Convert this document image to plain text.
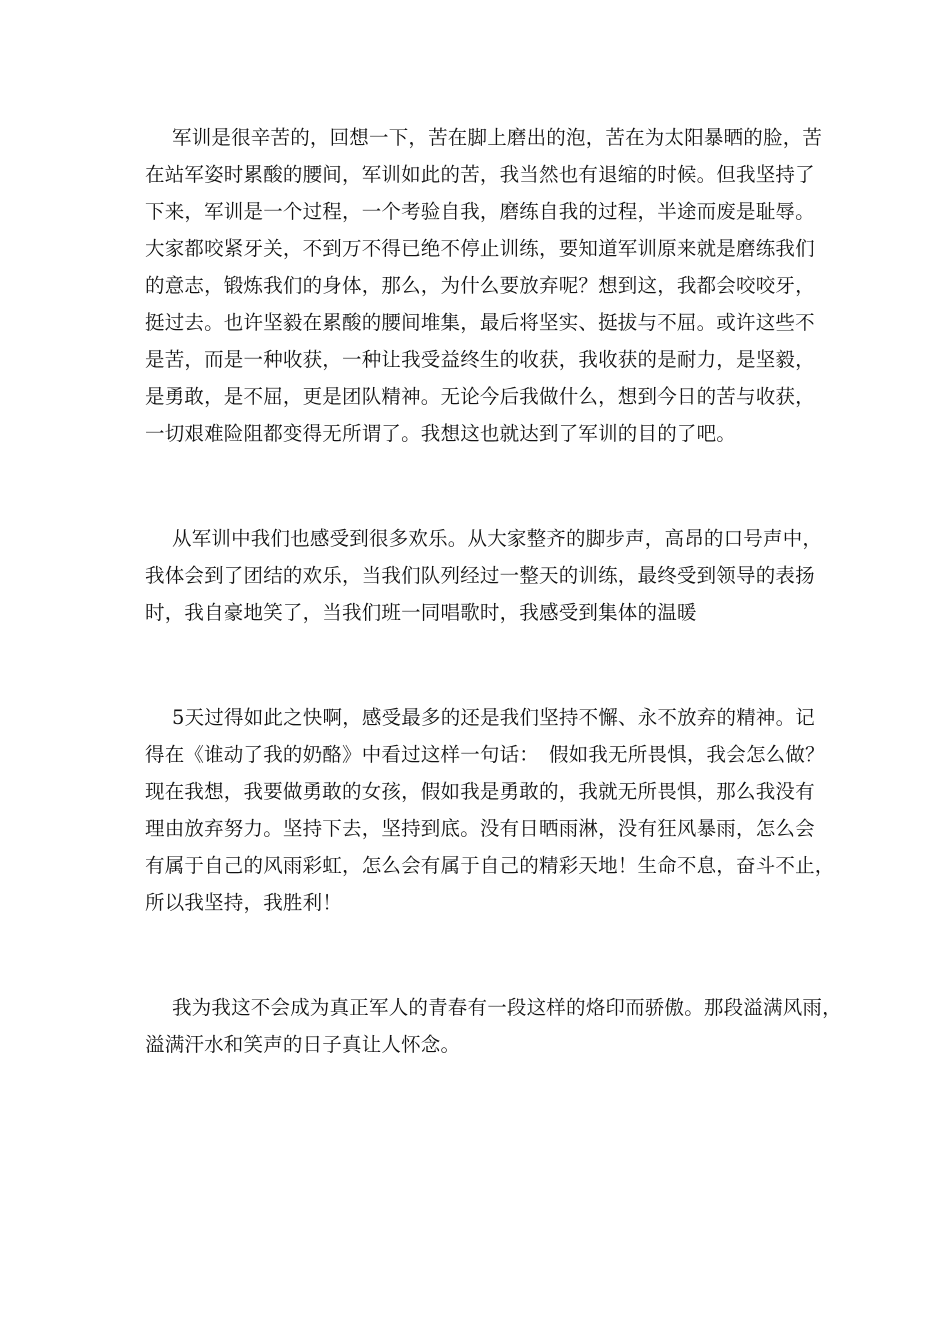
军训是很辛苦的，回想一下，苦在脚上磨出的泡，苦在为太阳暴晒的脸，苦
在站军姿时累酸的腰间，军训如此的苦，我当然也有退缩的时候。但我坚持了
下来，军训是一个过程，一个考验自我，磨练自我的过程，半途而废是耻辱。
大家都咬紧牙关，不到万不得已绝不停止训练，要知道军训原来就是磨练我们
的意志，锻炼我们的身体，那么，为什么要放弃呢？想到这，我都会咬咬牙，
挺过去。也许坚毅在累酸的腰间堆集，最后将坚实、挺拔与不屈。或许这些不
是苦，而是一种收获，一种让我受益终生的收获，我收获的是耐力，是坚毅，
是勇敢，是不屈，更是团队精神。无论今后我做什么，想到今日的苦与收获，
一切艰难险阻都变得无所谓了。我想这也就达到了军训的目的了吧。
从军训中我们也感受到很多欢乐。从大家整齐的脚步声，高昂的口号声中，
我体会到了团结的欢乐，当我们队列经过一整天的训练，最终受到领导的表扬
时，我自豪地笑了，当我们班一同唱歌时，我感受到集体的温暖
5天过得如此之快啊，感受最多的还是我们坚持不懈、永不放弃的精神。记
得在《谁动了我的奶酪》中看过这样一句话：　假如我无所畏惧，我会怎么做？
现在我想，我要做勇敢的女孩，假如我是勇敢的，我就无所畏惧，那么我没有
理由放弃努力。坚持下去，坚持到底。没有日晒雨淋，没有狂风暴雨，怎么会
有属于自己的风雨彩虹，怎么会有属于自己的精彩天地！生命不息，奋斗不止，
所以我坚持，我胜利！
我为我这不会成为真正军人的青春有一段这样的烙印而骄傲。那段溢满风雨，
溢满汗水和笑声的日子真让人怀念。
